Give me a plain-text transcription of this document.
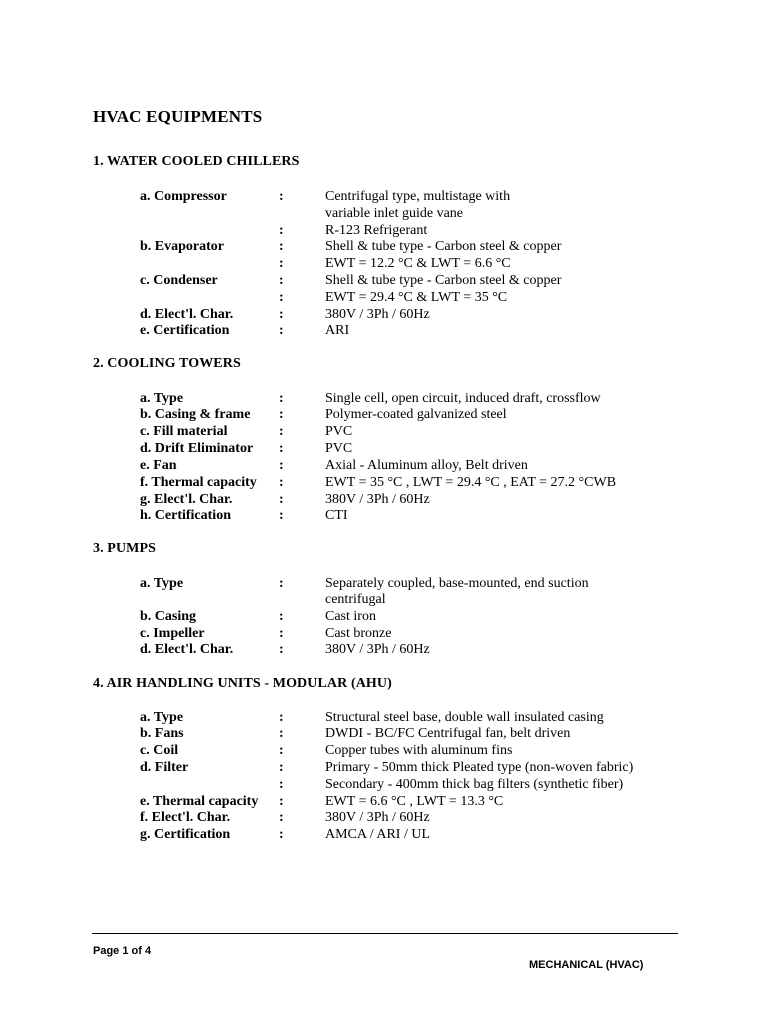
HVAC EQUIPMENTS
1. WATER COOLED CHILLERS
a. Compressor	:	Centrifugal type, multistage with
variable inlet guide vane
:	R-123 Refrigerant
b. Evaporator	:	Shell & tube type - Carbon steel & copper
:	EWT = 12.2 °C & LWT = 6.6 °C
c. Condenser	:	Shell & tube type - Carbon steel & copper
:	EWT = 29.4 °C & LWT = 35 °C
d. Elect'l. Char.	:	380V / 3Ph / 60Hz
e. Certification	:	ARI
2. COOLING TOWERS
a. Type	:	Single cell, open circuit, induced draft, crossflow
b. Casing & frame :	Polymer-coated galvanized steel
c. Fill material	:	PVC
d. Drift Eliminator :	PVC
e. Fan	:	Axial - Aluminum alloy, Belt driven
f. Thermal capacity :	EWT = 35 °C , LWT = 29.4 °C , EAT = 27.2 °CWB
g. Elect'l. Char.	:	380V / 3Ph / 60Hz
h. Certification	:	CTI
3. PUMPS
a. Type	:	Separately coupled, base-mounted, end suction
centrifugal
b. Casing	:	Cast iron
c. Impeller	:	Cast bronze
d. Elect'l. Char.	:	380V / 3Ph / 60Hz
4. AIR HANDLING UNITS - MODULAR (AHU)
a. Type	:	Structural steel base, double wall insulated casing
b. Fans	:	DWDI - BC/FC Centrifugal fan, belt driven
c. Coil	:	Copper tubes with aluminum fins
d. Filter	:	Primary - 50mm thick Pleated type (non-woven fabric)
:	Secondary - 400mm thick bag filters (synthetic fiber)
e. Thermal capacity :	EWT = 6.6 °C , LWT = 13.3 °C
f. Elect'l. Char.	:	380V / 3Ph / 60Hz
g. Certification	:	AMCA / ARI / UL
Page 1 of 4
MECHANICAL (HVAC)
